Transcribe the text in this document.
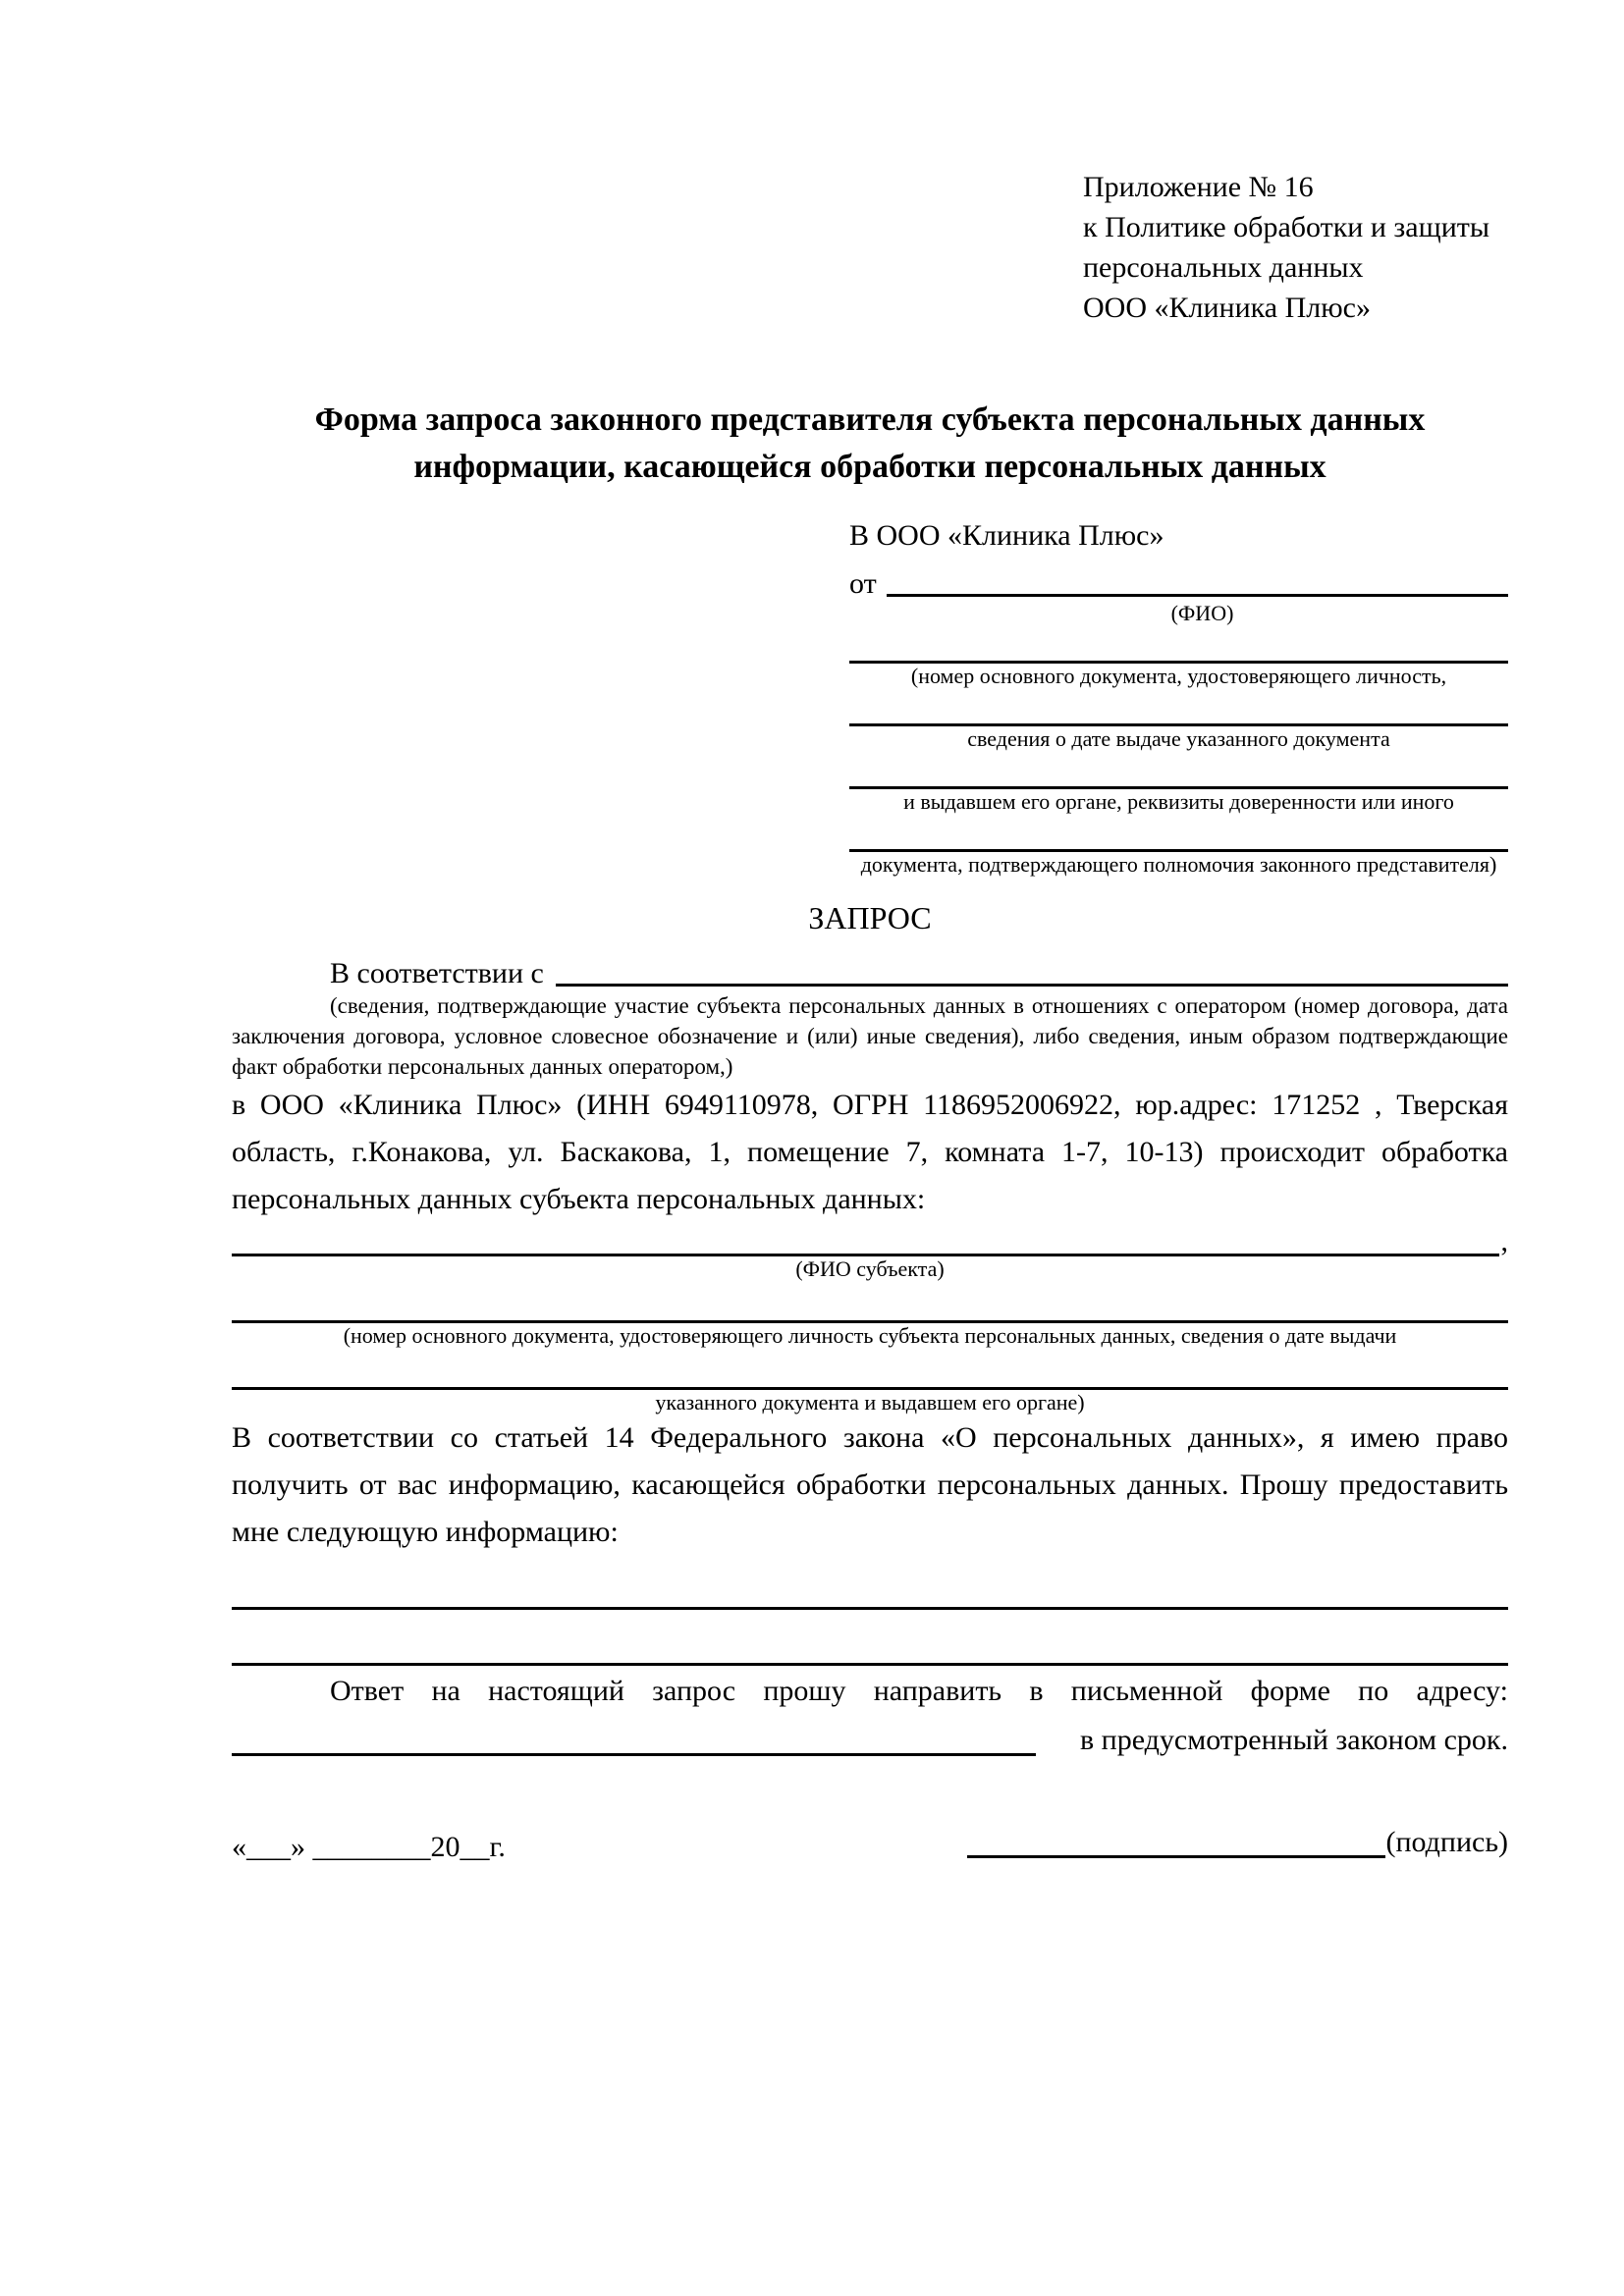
Приложение № 16
к Политике обработки и защиты
персональных данных
ООО «Клиника Плюс»
Форма запроса законного представителя субъекта персональных данных
информации, касающейся обработки персональных данных
В ООО «Клиника Плюс»
от
(ФИО)
(номер основного документа, удостоверяющего личность,
сведения о дате выдаче указанного документа
и выдавшем его органе, реквизиты доверенности или иного
документа, подтверждающего полномочия законного представителя)
ЗАПРОС
В соответствии с

(сведения, подтверждающие участие субъекта персональных данных в отношениях с оператором (номер договора, дата заключения договора, условное словесное обозначение и (или) иные сведения), либо сведения, иным образом подтверждающие факт обработки персональных данных оператором,)

в ООО «Клиника Плюс» (ИНН 6949110978, ОГРН 1186952006922, юр.адрес: 171252 , Тверская область, г.Конакова, ул. Баскакова, 1, помещение 7, комната 1-7, 10-13) происходит обработка персональных данных субъекта персональных данных:

,
(ФИО субъекта)
(номер основного документа, удостоверяющего личность субъекта персональных данных, сведения о дате выдачи
указанного документа и выдавшем его органе)

В соответствии со статьей 14 Федерального закона «О персональных данных», я имею право получить от вас информацию, касающейся обработки персональных данных. Прошу предоставить мне следующую информацию:

Ответ на настоящий запрос прошу направить в письменной форме по адресу:

в предусмотренный законом срок.
«___» ________20__г.	(подпись)
